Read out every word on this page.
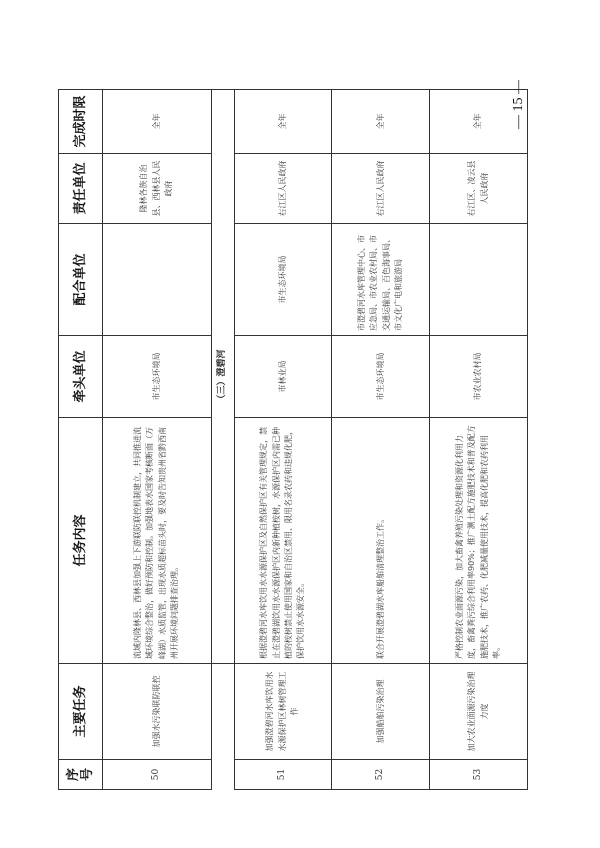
— 15 —
序号	主要任务	任务内容	牵头单位	配合单位	责任单位	完成时限
50	加强水污染联防联控	流域内隆林县、西林县加强上下游联防联控机制建立，共同推进流域环境综合整治，做好预防和控制。加强地表水国家考核断面（万峰湖）水质监管，出现水质超标苗头时，要及时告知贵州省黔西南州开展环境问题排查治理。	市生态环境局		隆林各族自治县、西林县人民政府	全年
		（三）澄碧河				
51	加强澄碧河水库饮用水水源保护区林树管理工作	根据澄碧河水库饮用水水源保护区及自然保护区有关管理规定，禁止在澄碧湖饮用水水源保护区内新种植桉树，水源保护区内需已种植的桉树禁止使用国家和自治区禁用、限用名录农药和违规化肥，保护饮用水水源安全。	市林业局	市生态环境局	右江区人民政府	全年
52	加强船舶污染治理	联合开展澄碧湖水库船舶清理整治工作。	市生态环境局	市澄碧河水库管理中心、市应急局、市农业农村局、市交通运输局、百色海事局、市文化广电和旅游局	右江区人民政府	全年
53	加大农业面源污染治理力度	严格控制农业面源污染，加大畜禽养殖污染处理和资源化利用力度，畜禽粪污综合利用率90%；推广测土配方施肥技术和普及配方施肥技术，推广农药、化肥减量使用技术，提高化肥和农药利用率。	市农业农村局		右江区、凌云县人民政府	全年
